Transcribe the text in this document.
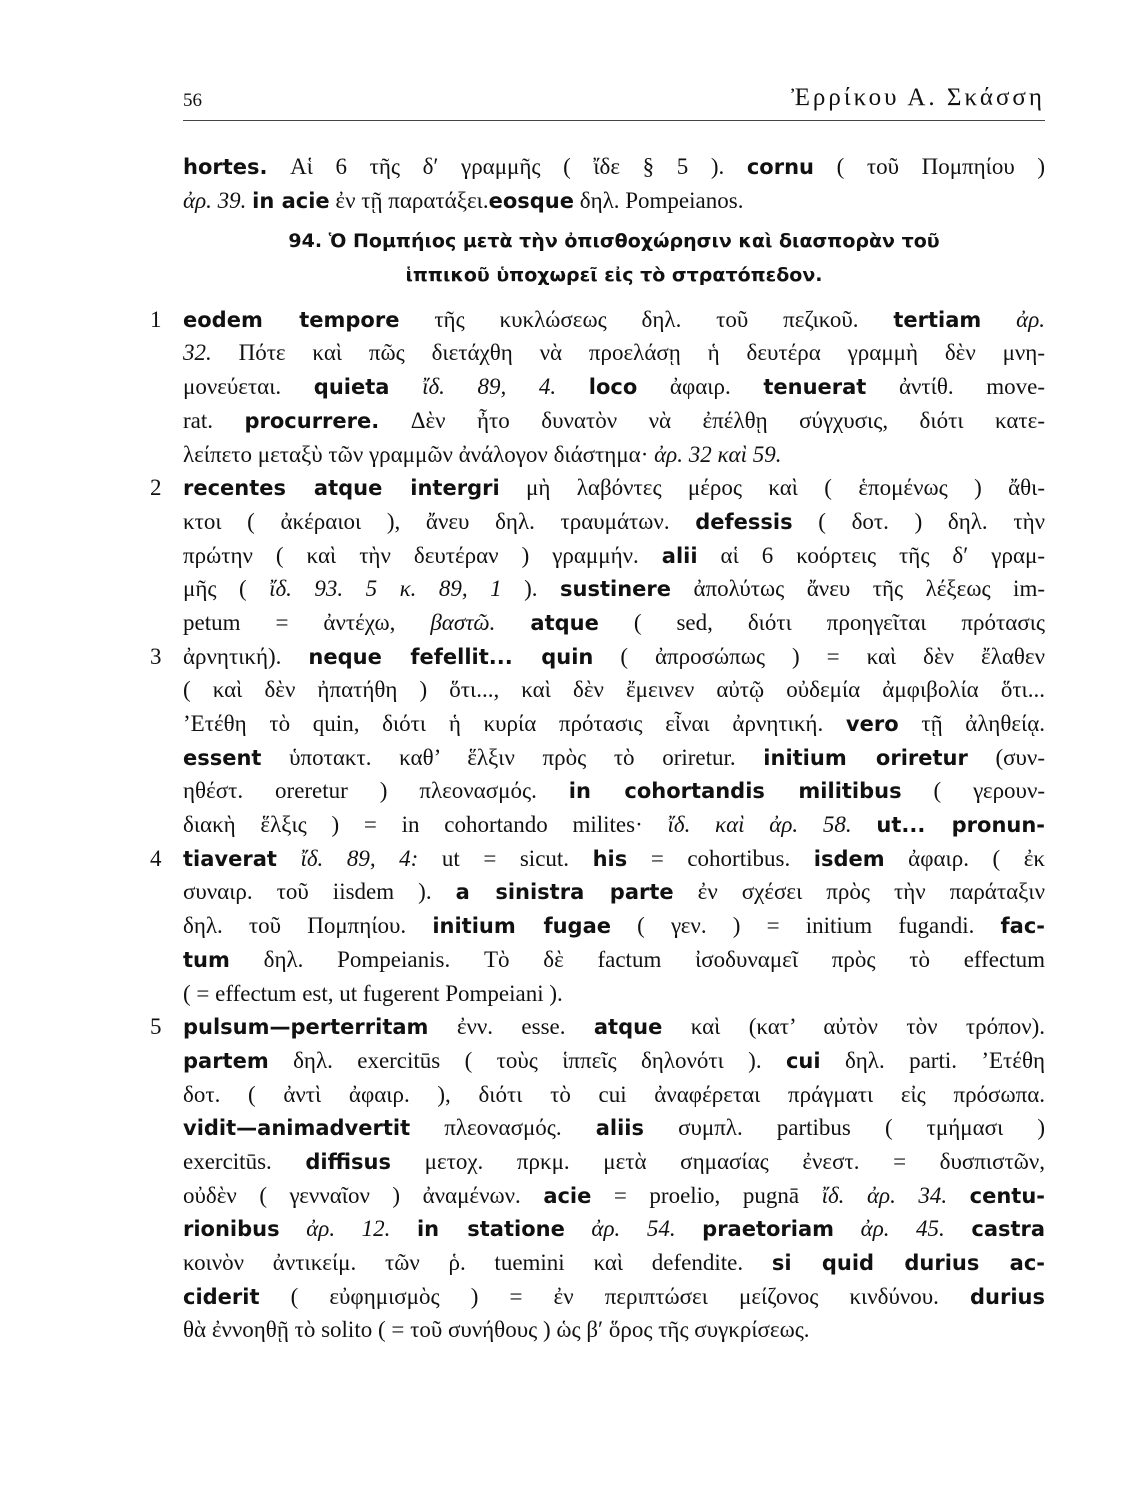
56	Ἐρρίκου Α. Σκάσση
hortes. Αἱ 6 τῆς δ′ γραμμῆς ( ἴδε § 5 ). cornu ( τοῦ Πομπηίου )
ἀρ. 39. in acie ἐν τῇ παρατάξει.eosque δηλ. Pompeianos.
94. Ὁ Πομπήιος μετὰ τὴν ὀπισθοχώρησιν καὶ διασπορὰν τοῦ
ἱππικοῦ ὑποχωρεῖ εἰς τὸ στρατόπεδον.
1 eodem tempore τῆς κυκλώσεως δηλ. τοῦ πεζικοῦ. tertiam ἀρ.
32. Πότε καὶ πῶς διετάχθη νὰ προελάσῃ ἡ δευτέρα γραμμὴ δὲν μνη-
μονεύεται. quieta ἴδ. 89, 4. loco ἀφαιρ. tenuerat ἀντίθ. move-
rat. procurrere. Δὲν ἦτο δυνατὸν νὰ ἐπέλθῃ σύγχυσις, διότι κατε-
λείπετο μεταξὺ τῶν γραμμῶν ἀνάλογον διάστημα· ἀρ. 32 καὶ 59.
2 recentes atque intergri μὴ λαβόντες μέρος καὶ ( ἑπομένως ) ἄθι-
κτοι ( ἀκέραιοι ), ἄνευ δηλ. τραυμάτων. defessis ( δοτ. ) δηλ. τὴν
πρώτην ( καὶ τὴν δευτέραν ) γραμμήν. alii αἱ 6 κοόρτεις τῆς δ′ γραμ-
μῆς ( ἴδ. 93. 5 κ. 89, 1 ). sustinere ἀπολύτως ἄνευ τῆς λέξεως im-
petum = ἀντέχω, βαστῶ. atque ( sed, διότι προηγεῖται πρότασις
3 ἀρνητική). neque fefellit... quin ( ἀπροσώπως ) = καὶ δὲν ἔλαθεν
( καὶ δὲν ἠπατήθη ) ὅτι..., καὶ δὲν ἔμεινεν αὐτῷ οὐδεμία ἀμφιβολία ὅτι...
’Ετέθη τὸ quin, διότι ἡ κυρία πρότασις εἶναι ἀρνητική. vero τῇ ἀληθείᾳ.
essent ὑποτακτ. καθ’ ἕλξιν πρὸς τὸ oriretur. initium oriretur (συν-
ηθέστ. oreretur ) πλεονασμός. in cohortandis militibus ( γερουν-
διακὴ ἕλξις ) = in cohortando milites· ἴδ. καὶ ἀρ. 58. ut... pronun-
4 tiaverat ἴδ. 89, 4: ut = sicut. his = cohortibus. isdem ἀφαιρ. ( ἐκ
συναιρ. τοῦ iisdem ). a sinistra parte ἐν σχέσει πρὸς τὴν παράταξιν
δηλ. τοῦ Πομπηίου. initium fugae ( γεν. ) = initium fugandi. fac-
tum δηλ. Pompeianis. Τὸ δὲ factum ἰσοδυναμεῖ πρὸς τὸ effectum
( = effectum est, ut fugerent Pompeiani ).
5 pulsum—perterritam ἐνν. esse. atque καὶ (κατ’ αὐτὸν τὸν τρόπον).
partem δηλ. exercitūs ( τοὺς ἱππεῖς δηλονότι ). cui δηλ. parti. ’Ετέθη
δοτ. ( ἀντὶ ἀφαιρ. ), διότι τὸ cui ἀναφέρεται πράγματι εἰς πρόσωπα.
vidit—animadvertit πλεονασμός. aliis συμπλ. partibus ( τμήμασι )
exercitūs. diffisus μετοχ. πρκμ. μετὰ σημασίας ἐνεστ. = δυσπιστῶν,
οὐδὲν ( γενναῖον ) ἀναμένων. acie = proelio, pugnā ἴδ. ἀρ. 34. centu-
rionibus ἀρ. 12. in statione ἀρ. 54. praetoriam ἀρ. 45. castra
κοινὸν ἀντικείμ. τῶν ῥ. tuemini καὶ defendite. si quid durius ac-
ciderit ( εὐφημισμὸς ) = ἐν περιπτώσει μείζονος κινδύνου. durius
θὰ ἐννοηθῇ τὸ solito ( = τοῦ συνήθους ) ὡς β′ ὅρος τῆς συγκρίσεως.
